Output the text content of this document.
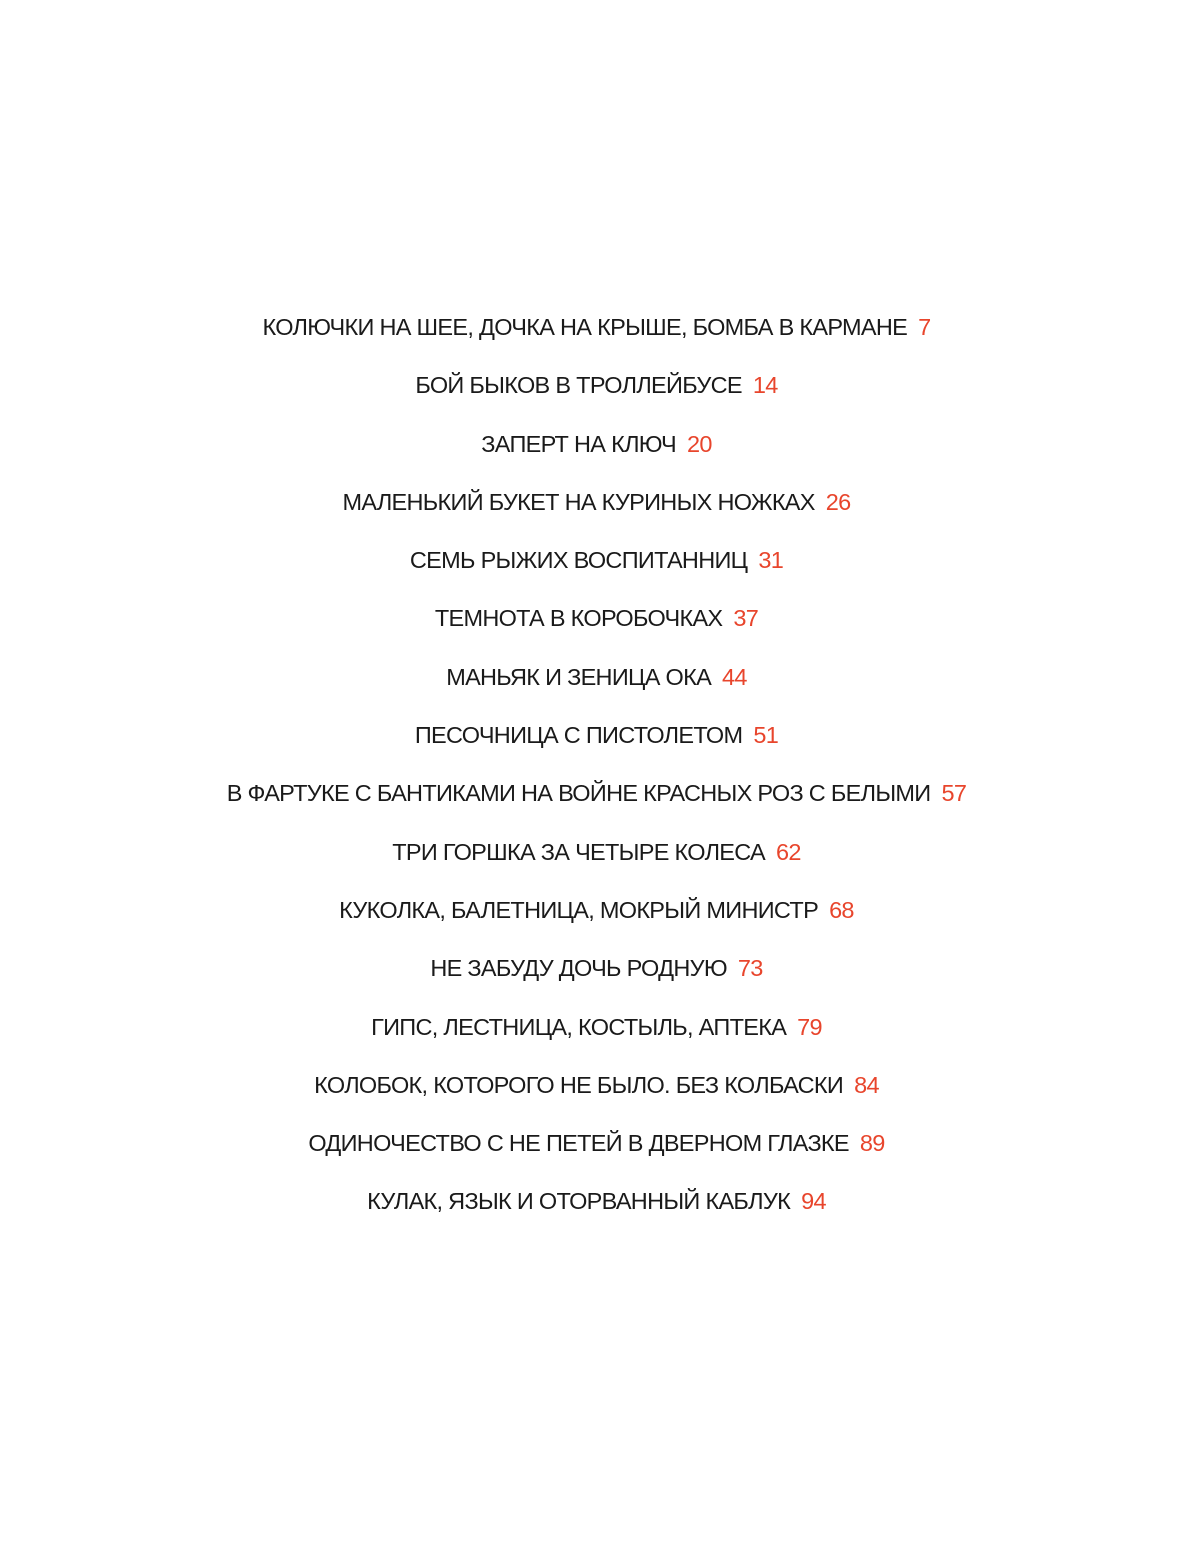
КОЛЮЧКИ НА ШЕЕ, ДОЧКА НА КРЫШЕ, БОМБА В КАРМАНЕ 7
БОЙ БЫКОВ В ТРОЛЛЕЙБУСЕ 14
ЗАПЕРТ НА КЛЮЧ 20
МАЛЕНЬКИЙ БУКЕТ НА КУРИНЫХ НОЖКАХ 26
СЕМЬ РЫЖИХ ВОСПИТАННИЦ 31
ТЕМНОТА В КОРОБОЧКАХ 37
МАНЬЯК И ЗЕНИЦА ОКА 44
ПЕСОЧНИЦА С ПИСТОЛЕТОМ 51
В ФАРТУКЕ С БАНТИКАМИ НА ВОЙНЕ КРАСНЫХ РОЗ С БЕЛЫМИ 57
ТРИ ГОРШКА ЗА ЧЕТЫРЕ КОЛЕСА 62
КУКОЛКА, БАЛЕТНИЦА, МОКРЫЙ МИНИСТР 68
НЕ ЗАБУДУ ДОЧЬ РОДНУЮ 73
ГИПС, ЛЕСТНИЦА, КОСТЫЛЬ, АПТЕКА 79
КОЛОБОК, КОТОРОГО НЕ БЫЛО. БЕЗ КОЛБАСКИ 84
ОДИНОЧЕСТВО С НЕ ПЕТЕЙ В ДВЕРНОМ ГЛАЗКЕ 89
КУЛАК, ЯЗЫК И ОТОРВАННЫЙ КАБЛУК 94
